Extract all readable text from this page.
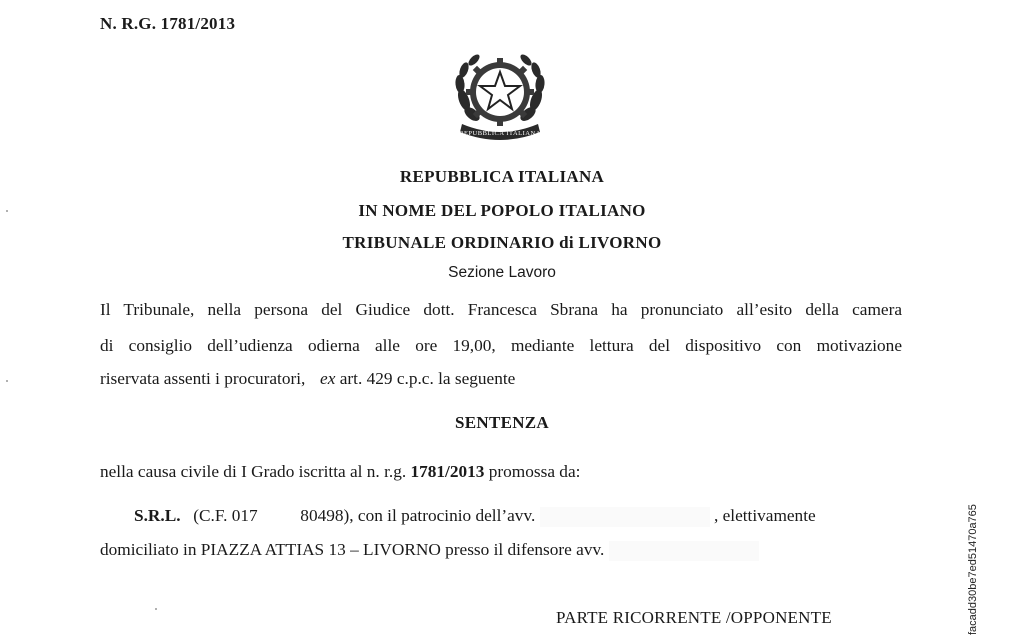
N. R.G. 1781/2013
REPUBBLICA ITALIANA
REPUBBLICA ITALIANA
IN NOME DEL POPOLO ITALIANO
TRIBUNALE ORDINARIO di LIVORNO
Sezione Lavoro
Il Tribunale, nella persona del Giudice dott. Francesca Sbrana ha pronunciato all’esito della camera
di consiglio dell’udienza odierna alle ore 19,00, mediante lettura del dispositivo con motivazione
riservata assenti i procuratori, ex art. 429 c.p.c. la seguente
SENTENZA
nella causa civile di I Grado iscritta al n. r.g. 1781/2013 promossa da:
S.R.L. (C.F. 017 80498), con il patrocinio dell’avv.	, elettivamente
domiciliato in PIAZZA ATTIAS 13 – LIVORNO presso il difensore avv.
PARTE RICORRENTE /OPPONENTE	facadd30be7ed51470a765
